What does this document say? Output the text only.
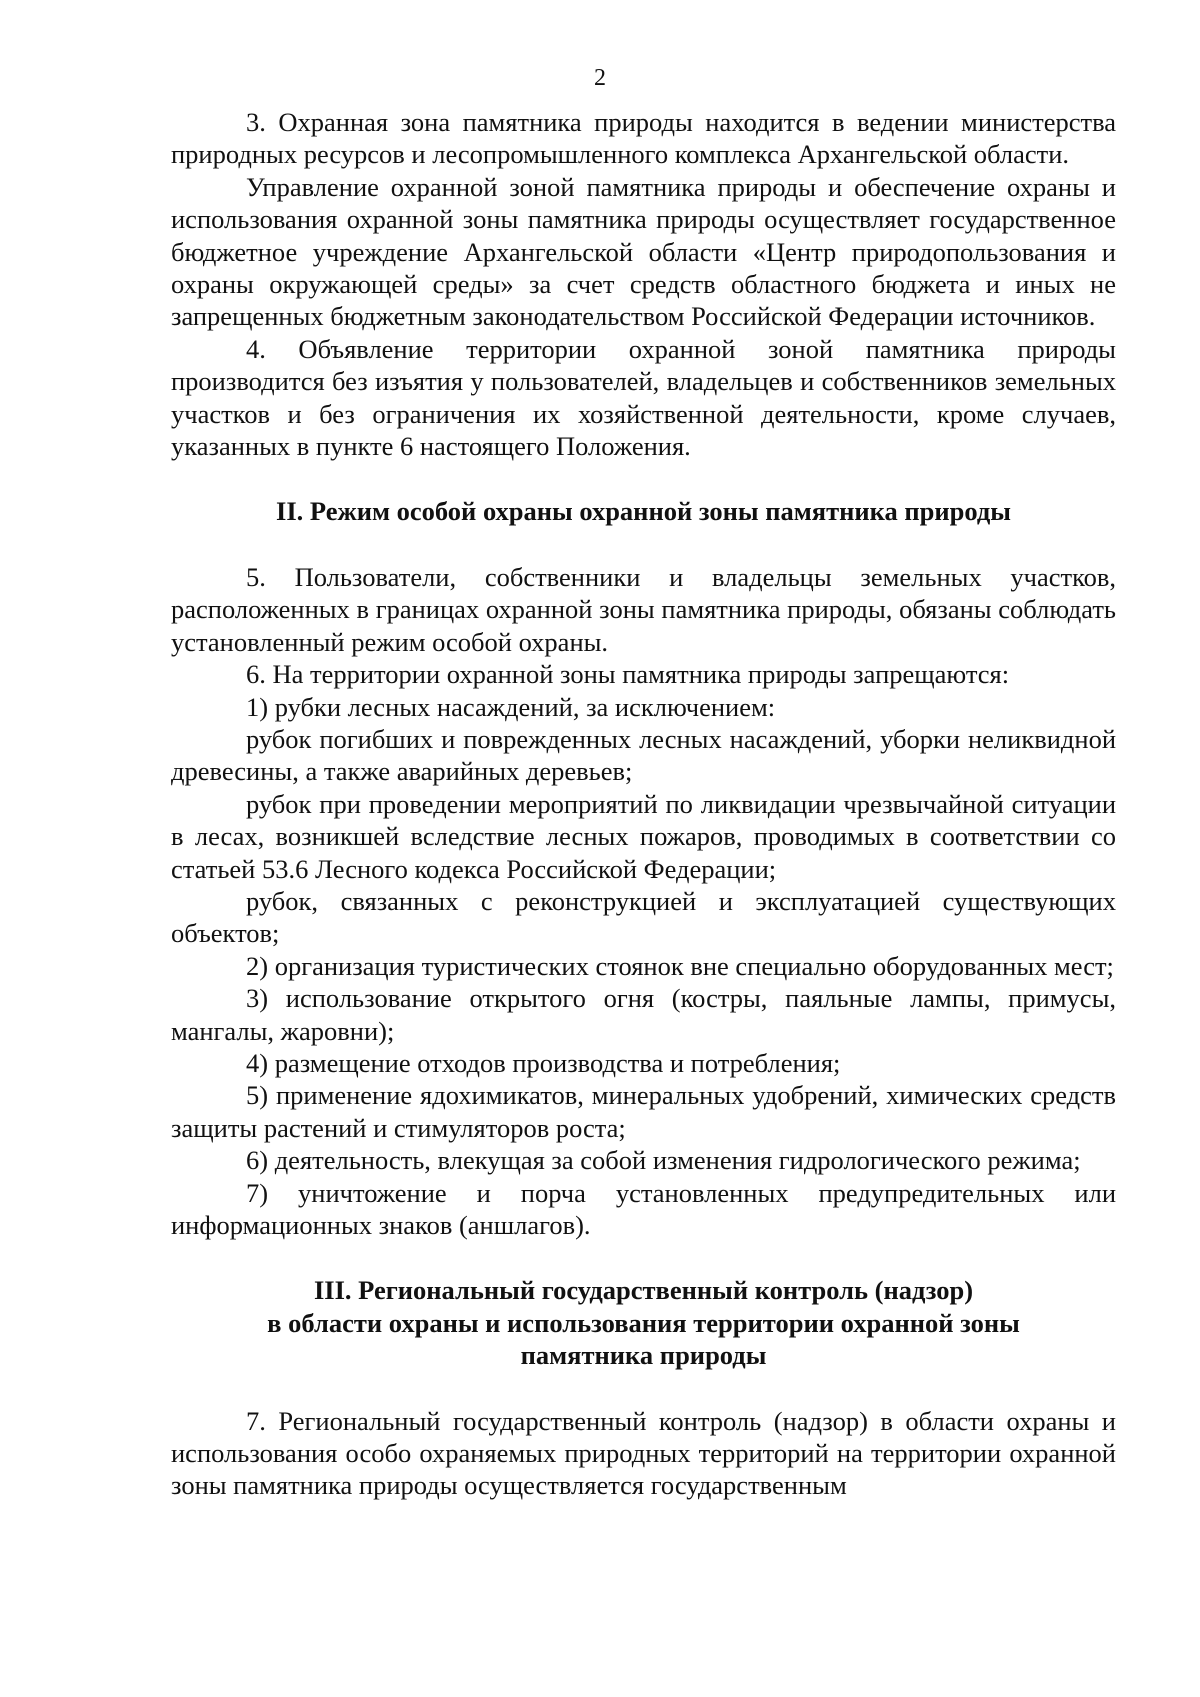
2

3. Охранная зона памятника природы находится в ведении министерства природных ресурсов и лесопромышленного комплекса Архангельской области.

Управление охранной зоной памятника природы и обеспечение охраны и использования охранной зоны памятника природы осуществляет государственное бюджетное учреждение Архангельской области «Центр природопользования и охраны окружающей среды» за счет средств областного бюджета и иных не запрещенных бюджетным законодательством Российской Федерации источников.

4. Объявление территории охранной зоной памятника природы производится без изъятия у пользователей, владельцев и собственников земельных участков и без ограничения их хозяйственной деятельности, кроме случаев, указанных в пункте 6 настоящего Положения.

II. Режим особой охраны охранной зоны памятника природы

5. Пользователи, собственники и владельцы земельных участков, расположенных в границах охранной зоны памятника природы, обязаны соблюдать установленный режим особой охраны.

6. На территории охранной зоны памятника природы запрещаются:

1) рубки лесных насаждений, за исключением:

рубок погибших и поврежденных лесных насаждений, уборки неликвидной древесины, а также аварийных деревьев;

рубок при проведении мероприятий по ликвидации чрезвычайной ситуации в лесах, возникшей вследствие лесных пожаров, проводимых в соответствии со статьей 53.6 Лесного кодекса Российской Федерации;

рубок, связанных с реконструкцией и эксплуатацией существующих объектов;

2) организация туристических стоянок вне специально оборудованных мест;

3) использование открытого огня (костры, паяльные лампы, примусы, мангалы, жаровни);

4) размещение отходов производства и потребления;

5) применение ядохимикатов, минеральных удобрений, химических средств защиты растений и стимуляторов роста;

6) деятельность, влекущая за собой изменения гидрологического режима;

7) уничтожение и порча установленных предупредительных или информационных знаков (аншлагов).

III. Региональный государственный контроль (надзор)
в области охраны и использования территории охранной зоны
памятника природы

7. Региональный государственный контроль (надзор) в области охраны и использования особо охраняемых природных территорий на территории охранной зоны памятника природы осуществляется государственным
